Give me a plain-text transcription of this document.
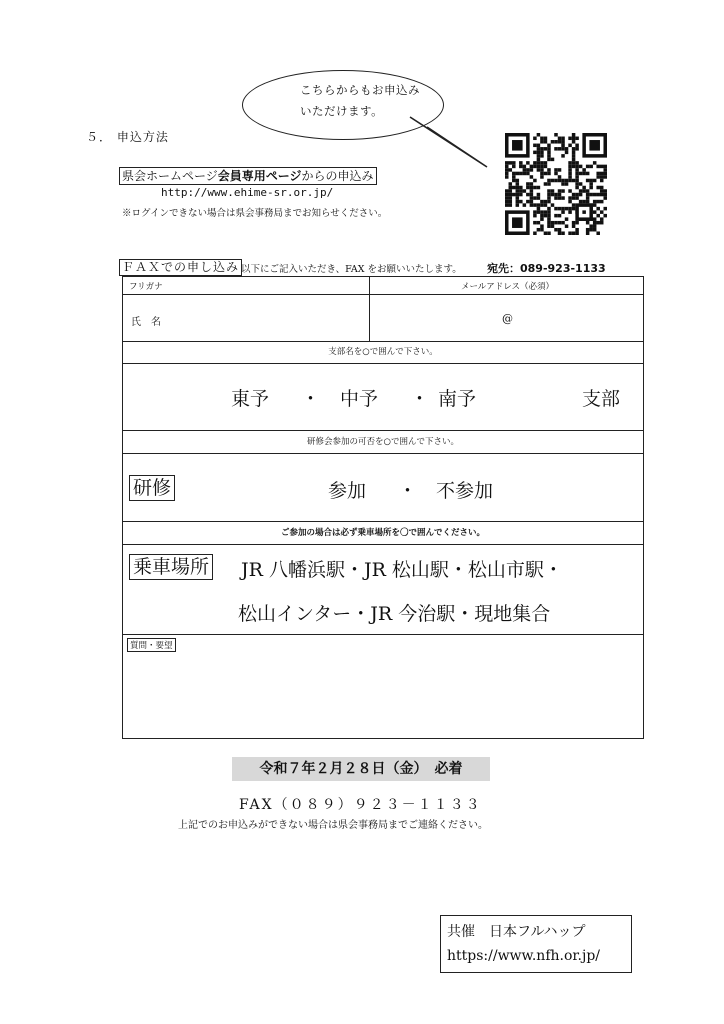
こちらからもお申込み
いただけます。
５． 申込方法
県会ホームページ会員専用ページからの申込み
http://www.ehime-sr.or.jp/
※ログインできない場合は県会事務局までお知らせください。
ＦＡＸでの申し込み 以下にご記入いただき、FAX をお願いいたします。 宛先：089-923-1133
フリガナ	メールアドレス（必須）
氏　名	@
支部名を○で囲んで下さい。
東予 ・ 中予 ・ 南予	支部
研修会参加の可否を○で囲んで下さい。
研修	参加 ・ 不参加
ご参加の場合は必ず乗車場所を〇で囲んでください。
乗車場所 JR 八幡浜駅・JR 松山駅・松山市駅・
松山インター・JR 今治駅・現地集合
質問・要望
令和７年２月２８日（金）　必着
FAX（０８９）９２３－１１３３
上記でのお申込みができない場合は県会事務局までご連絡ください。
共催　日本フルハップ
https://www.nfh.or.jp/
